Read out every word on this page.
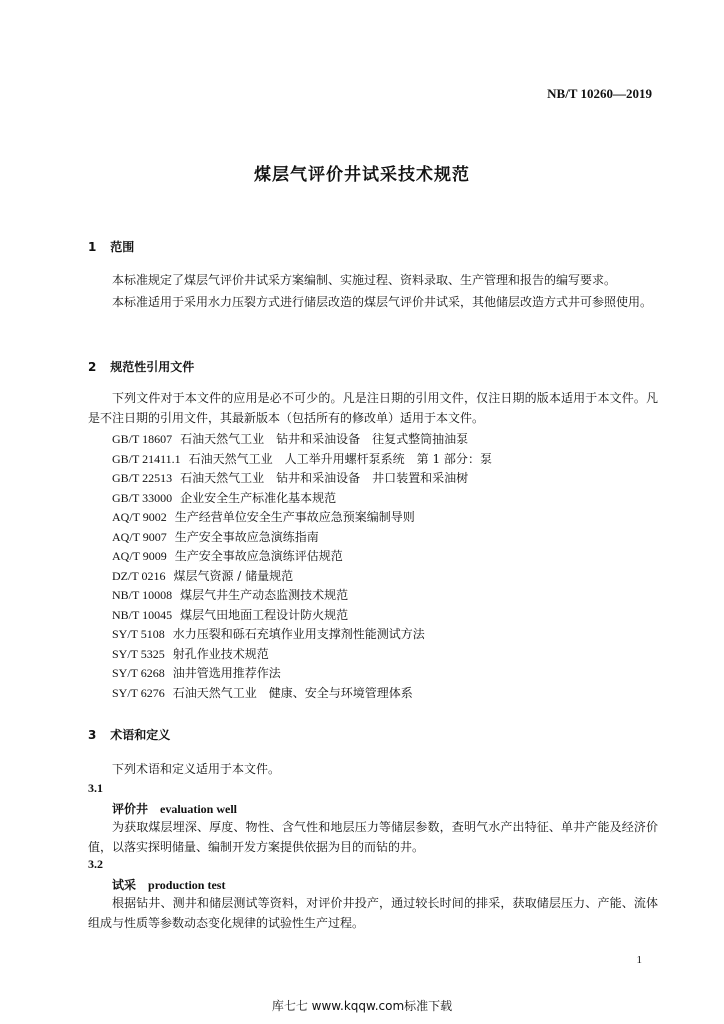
NB/T 10260—2019
煤层气评价井试采技术规范
1 范围
本标准规定了煤层气评价井试采方案编制、实施过程、资料录取、生产管理和报告的编写要求。
本标准适用于采用水力压裂方式进行储层改造的煤层气评价井试采，其他储层改造方式井可参照使用。
2 规范性引用文件
下列文件对于本文件的应用是必不可少的。凡是注日期的引用文件，仅注日期的版本适用于本文件。凡是不注日期的引用文件，其最新版本（包括所有的修改单）适用于本文件。
GB/T 18607 石油天然气工业　钻井和采油设备　往复式整筒抽油泵
GB/T 21411.1 石油天然气工业　人工举升用螺杆泵系统　第 1 部分：泵
GB/T 22513 石油天然气工业　钻井和采油设备　井口装置和采油树
GB/T 33000 企业安全生产标准化基本规范
AQ/T 9002 生产经营单位安全生产事故应急预案编制导则
AQ/T 9007 生产安全事故应急演练指南
AQ/T 9009 生产安全事故应急演练评估规范
DZ/T 0216 煤层气资源 / 储量规范
NB/T 10008 煤层气井生产动态监测技术规范
NB/T 10045 煤层气田地面工程设计防火规范
SY/T 5108 水力压裂和砾石充填作业用支撑剂性能测试方法
SY/T 5325 射孔作业技术规范
SY/T 6268 油井管选用推荐作法
SY/T 6276 石油天然气工业　健康、安全与环境管理体系
3 术语和定义
下列术语和定义适用于本文件。
3.1
评价井 evaluation well
为获取煤层埋深、厚度、物性、含气性和地层压力等储层参数，查明气水产出特征、单井产能及经济价值，以落实探明储量、编制开发方案提供依据为目的而钻的井。
3.2
试采 production test
根据钻井、测井和储层测试等资料，对评价井投产，通过较长时间的排采，获取储层压力、产能、流体组成与性质等参数动态变化规律的试验性生产过程。
1
库七七 www.kqqw.com标准下载
